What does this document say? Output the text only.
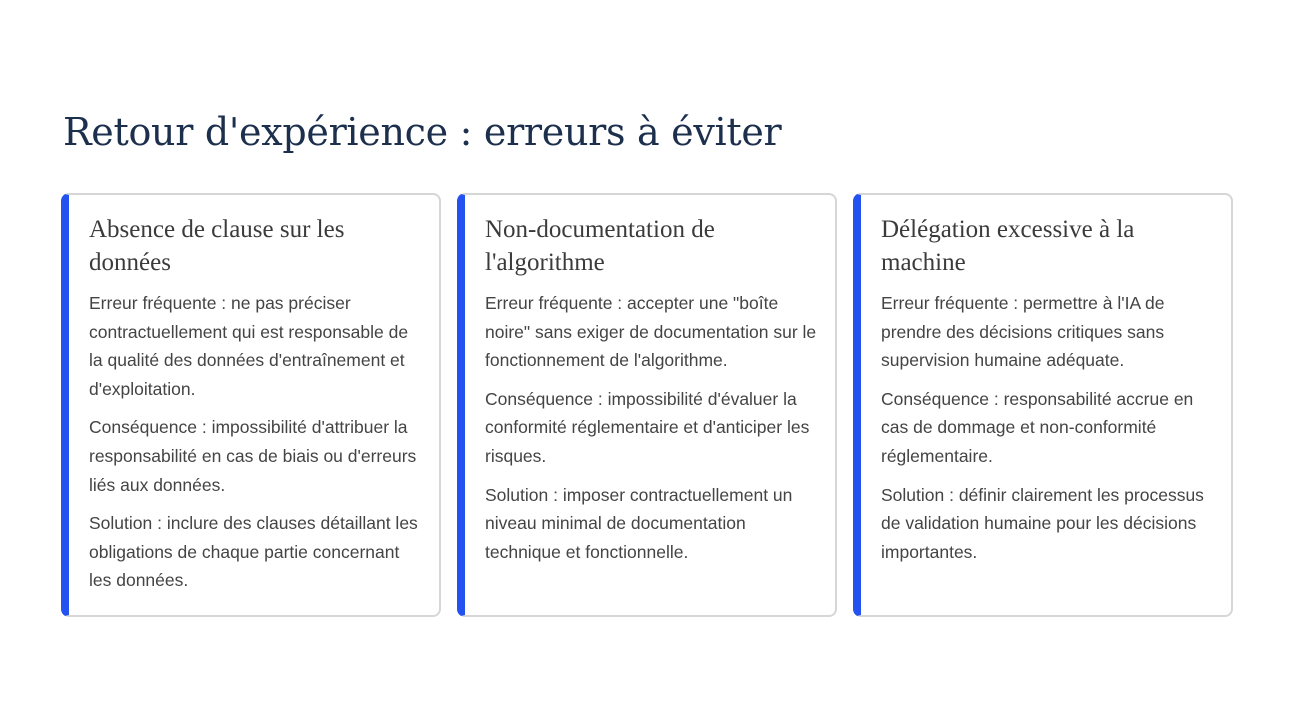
Retour d'expérience : erreurs à éviter
Absence de clause sur les données

Erreur fréquente : ne pas préciser contractuellement qui est responsable de la qualité des données d'entraînement et d'exploitation.

Conséquence : impossibilité d'attribuer la responsabilité en cas de biais ou d'erreurs liés aux données.

Solution : inclure des clauses détaillant les obligations de chaque partie concernant les données.

Non-documentation de l'algorithme

Erreur fréquente : accepter une "boîte noire" sans exiger de documentation sur le fonctionnement de l'algorithme.

Conséquence : impossibilité d'évaluer la conformité réglementaire et d'anticiper les risques.

Solution : imposer contractuellement un niveau minimal de documentation technique et fonctionnelle.

Délégation excessive à la machine

Erreur fréquente : permettre à l'IA de prendre des décisions critiques sans supervision humaine adéquate.

Conséquence : responsabilité accrue en cas de dommage et non-conformité réglementaire.

Solution : définir clairement les processus de validation humaine pour les décisions importantes.
